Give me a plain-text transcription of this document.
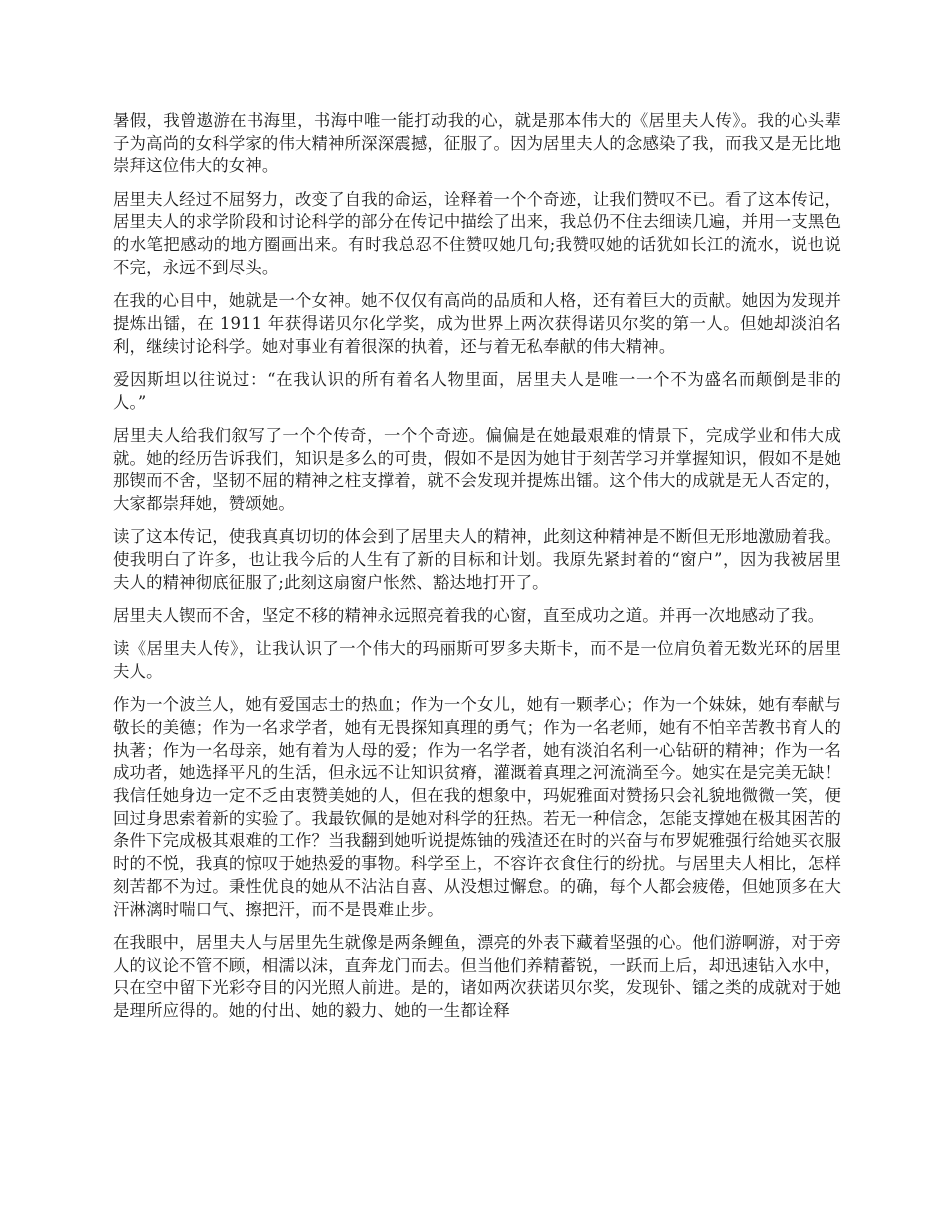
暑假，我曾遨游在书海里，书海中唯一能打动我的心，就是那本伟大的《居里夫人传》。我的心头辈子为高尚的女科学家的伟大精神所深深震撼，征服了。因为居里夫人的念感染了我，而我又是无比地崇拜这位伟大的女神。

居里夫人经过不屈努力，改变了自我的命运，诠释着一个个奇迹，让我们赞叹不已。看了这本传记，居里夫人的求学阶段和讨论科学的部分在传记中描绘了出来，我总仍不住去细读几遍，并用一支黑色的水笔把感动的地方圈画出来。有时我总忍不住赞叹她几句;我赞叹她的话犹如长江的流水，说也说不完，永远不到尽头。

在我的心目中，她就是一个女神。她不仅仅有高尚的品质和人格，还有着巨大的贡献。她因为发现并提炼出镭，在 1911 年获得诺贝尔化学奖，成为世界上两次获得诺贝尔奖的第一人。但她却淡泊名利，继续讨论科学。她对事业有着很深的执着，还与着无私奉献的伟大精神。

爱因斯坦以往说过：“在我认识的所有着名人物里面，居里夫人是唯一一个不为盛名而颠倒是非的人。”

居里夫人给我们叙写了一个个传奇，一个个奇迹。偏偏是在她最艰难的情景下，完成学业和伟大成就。她的经历告诉我们，知识是多么的可贵，假如不是因为她甘于刻苦学习并掌握知识，假如不是她那锲而不舍，坚韧不屈的精神之柱支撑着，就不会发现并提炼出镭。这个伟大的成就是无人否定的，大家都崇拜她，赞颂她。

读了这本传记，使我真真切切的体会到了居里夫人的精神，此刻这种精神是不断但无形地激励着我。使我明白了许多，也让我今后的人生有了新的目标和计划。我原先紧封着的“窗户”，因为我被居里夫人的精神彻底征服了;此刻这扇窗户怅然、豁达地打开了。

居里夫人锲而不舍，坚定不移的精神永远照亮着我的心窗，直至成功之道。并再一次地感动了我。

读《居里夫人传》，让我认识了一个伟大的玛丽斯可罗多夫斯卡，而不是一位肩负着无数光环的居里夫人。

作为一个波兰人，她有爱国志士的热血；作为一个女儿，她有一颗孝心；作为一个妹妹，她有奉献与敬长的美德；作为一名求学者，她有无畏探知真理的勇气；作为一名老师，她有不怕辛苦教书育人的执著；作为一名母亲，她有着为人母的爱；作为一名学者，她有淡泊名利一心钻研的精神；作为一名成功者，她选择平凡的生活，但永远不让知识贫瘠，灌溉着真理之河流淌至今。她实在是完美无缺！我信任她身边一定不乏由衷赞美她的人，但在我的想象中，玛妮雅面对赞扬只会礼貌地微微一笑，便回过身思索着新的实验了。我最钦佩的是她对科学的狂热。若无一种信念，怎能支撑她在极其困苦的条件下完成极其艰难的工作？当我翻到她听说提炼铀的残渣还在时的兴奋与布罗妮雅强行给她买衣服时的不悦，我真的惊叹于她热爱的事物。科学至上，不容许衣食住行的纷扰。与居里夫人相比，怎样刻苦都不为过。秉性优良的她从不沾沾自喜、从没想过懈怠。的确，每个人都会疲倦，但她顶多在大汗淋漓时喘口气、擦把汗，而不是畏难止步。

在我眼中，居里夫人与居里先生就像是两条鲤鱼，漂亮的外表下藏着坚强的心。他们游啊游，对于旁人的议论不管不顾，相濡以沫，直奔龙门而去。但当他们养精蓄锐，一跃而上后，却迅速钻入水中，只在空中留下光彩夺目的闪光照人前进。是的，诸如两次获诺贝尔奖，发现钋、镭之类的成就对于她是理所应得的。她的付出、她的毅力、她的一生都诠释
